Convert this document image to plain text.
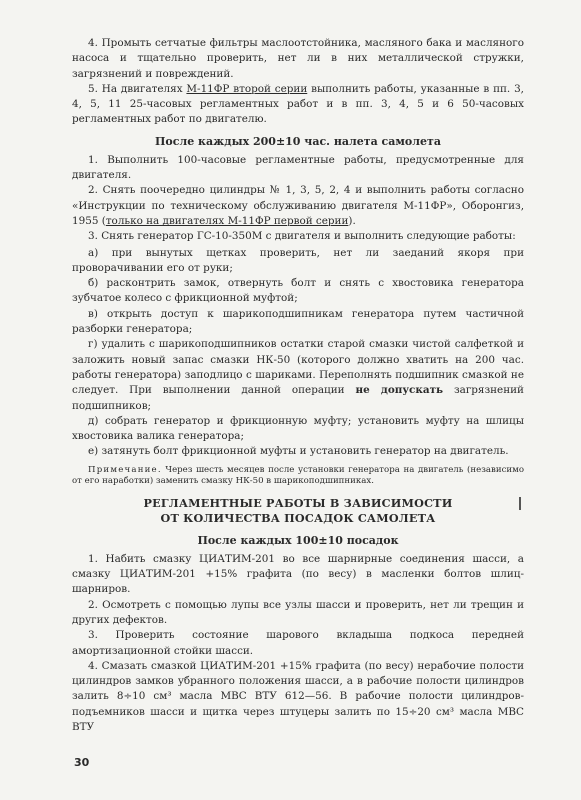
4. Промыть сетчатые фильтры маслоотстойника, масляного бака и масляного насоса и тщательно проверить, нет ли в них металлической стружки, загрязнений и повреждений.

5. На двигателях М-11ФР второй серии выполнить работы, указанные в пп. 3, 4, 5, 11 25-часовых регламентных работ и в пп. 3, 4, 5 и 6 50-часовых регламентных работ по двигателю.

После каждых 200±10 час. налета самолета

1. Выполнить 100-часовые регламентные работы, предусмотренные для двигателя.

2. Снять поочередно цилиндры № 1, 3, 5, 2, 4 и выполнить работы согласно «Инструкции по техническому обслуживанию двигателя М-11ФР», Оборонгиз, 1955 (только на двигателях М-11ФР первой серии).

3. Снять генератор ГС-10-350М с двигателя и выполнить следующие работы:

а) при вынутых щетках проверить, нет ли заеданий якоря при проворачивании его от руки;

б) расконтрить замок, отвернуть болт и снять с хвостовика генератора зубчатое колесо с фрикционной муфтой;

в) открыть доступ к шарикоподшипникам генератора путем частичной разборки генератора;

г) удалить с шарикоподшипников остатки старой смазки чистой салфеткой и заложить новый запас смазки НК-50 (которого должно хватить на 200 час. работы генератора) заподлицо с шариками. Переполнять подшипник смазкой не следует. При выполнении данной операции не допускать загрязнений подшипников;

д) собрать генератор и фрикционную муфту; установить муфту на шлицы хвостовика валика генератора;

е) затянуть болт фрикционной муфты и установить генератор на двигатель.

Примечание. Через шесть месяцев после установки генератора на двигатель (независимо от его наработки) заменить смазку НК-50 в шарикоподшипниках.

РЕГЛАМЕНТНЫЕ РАБОТЫ В ЗАВИСИМОСТИ

ОТ КОЛИЧЕСТВА ПОСАДОК САМОЛЕТА

После каждых 100±10 посадок

1. Набить смазку ЦИАТИМ-201 во все шарнирные соединения шасси, а смазку ЦИАТИМ-201 +15% графита (по весу) в масленки болтов шлиц-шарниров.

2. Осмотреть с помощью лупы все узлы шасси и проверить, нет ли трещин и других дефектов.

3. Проверить состояние шарового вкладыша подкоса передней амортизационной стойки шасси.

4. Смазать смазкой ЦИАТИМ-201 +15% графита (по весу) нерабочие полости цилиндров замков убранного положения шасси, а в рабочие полости цилиндров залить 8÷10 см³ масла МВС ВТУ 612—56. В рабочие полости цилиндров-подъемников шасси и щитка через штуцеры залить по 15÷20 см³ масла МВС ВТУ

30
